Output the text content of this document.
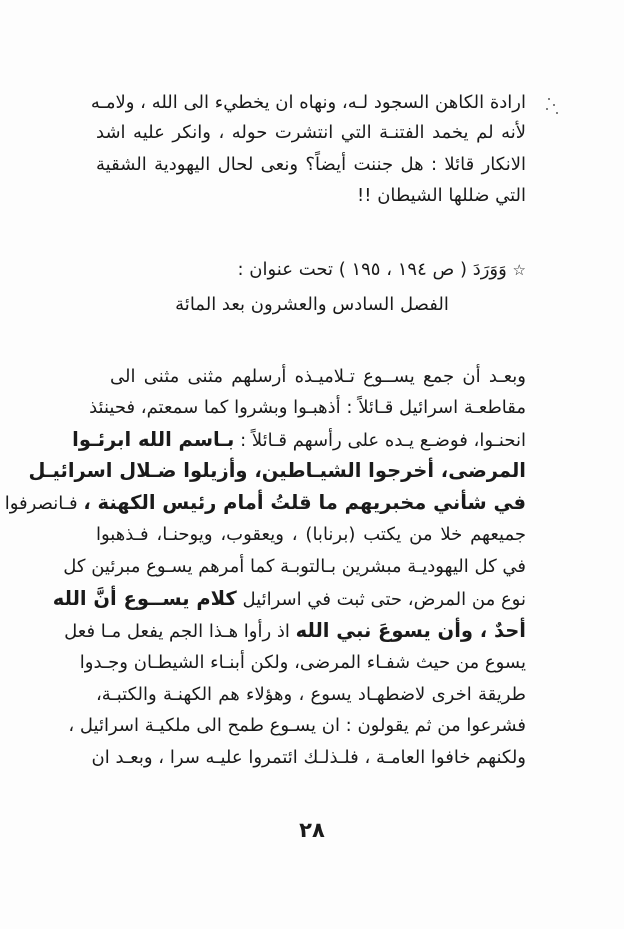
ارادة الكاهن السجود لـه، ونهاه ان يخطيء الى الله ، ولامـه
لأنه لم يخمد الفتنـة التي انتشرت حوله ، وانكر عليه اشد
الانكار قائلا : هل جننت أيضاً؟ ونعى لحال اليهودية الشقية
التي ضللها الشيطان !!
☆ وَوَرَدَ ( ص ١٩٤ ، ١٩٥ ) تحت عنوان :
الفصل السادس والعشرون بعد المائة
وبعـد أن جمع يســوع تـلاميـذه أرسلهم مثنى مثنى الى
مقاطعـة اسرائيل قـائلاً : أذهبـوا وبشروا كما سمعتم، فحينئذ
انحنـوا، فوضـع يـده على رأسهم قـائلاً : بـاسم الله ابرئـوا
المرضى، أخرجوا الشيـاطين، وأزيلوا ضـلال اسرائيـل
في شأني مخبريهم ما قلتُ أمام رئيس الكهنة ، فـانصرفوا
جميعهم خلا من يكتب (برنابا) ، ويعقوب، ويوحنـا، فـذهبوا
في كل اليهوديـة مبشرين بـالتوبـة كما أمرهم يسـوع مبرئين كل
نوع من المرض، حتى ثبت في اسرائيل كلام يســوع أنَّ الله
أحدٌ ، وأن يسوعَ نبي الله اذ رأوا هـذا الجم يفعل مـا فعل
يسوع من حيث شفـاء المرضى، ولكن أبنـاء الشيطـان وجـدوا
طريقة اخرى لاضطهـاد يسوع ، وهؤلاء هم الكهنـة والكتبـة،
فشرعوا من ثم يقولون : ان يسـوع طمح الى ملكيـة اسرائيل ،
ولكنهم خافوا العامـة ، فلـذلـك ائتمروا عليـه سرا ، وبعـد ان
٢٨
